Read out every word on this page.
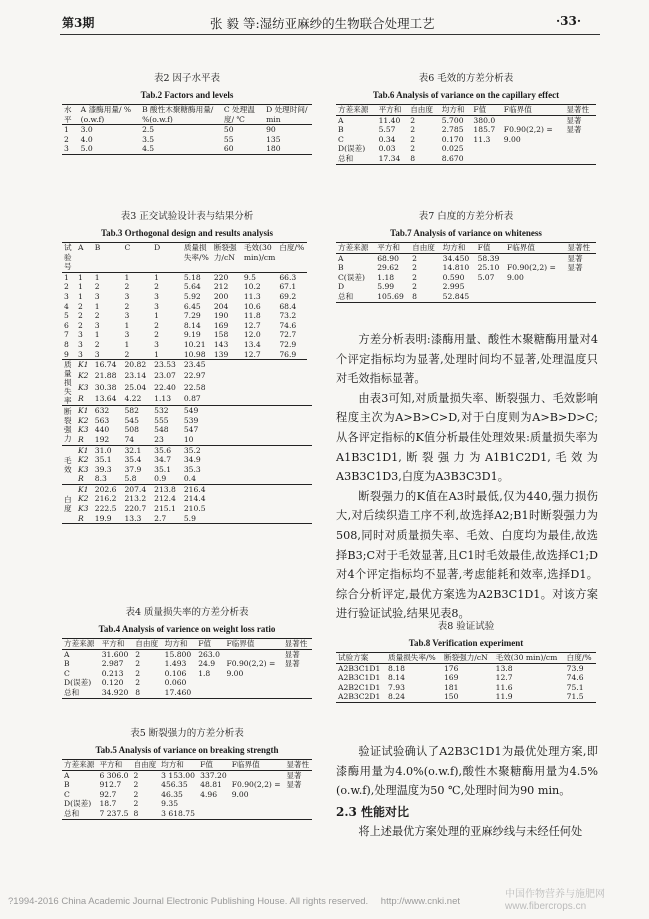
第3期	张 毅 等:湿纺亚麻纱的生物联合处理工艺	·33·
表2 因子水平表
Tab.2 Factors and levels
水平	A 漆酶用量/ %(o.w.f)	B 酸性木聚糖酶用量/ %(o.w.f)	C 处理温度/ ℃	D 处理时间/ min
1	3.0	2.5	50	90
2	4.0	3.5	55	135
3	5.0	4.5	60	180
表3 正交试验设计表与结果分析
Tab.3 Orthogonal design and results analysis
试验号	A	B	C	D	质量损失率/%	断裂强力/cN	毛效(30 min)/cm	白度/%	
1	1	1	1	1	5.18	220	9.5	66.3	
2	1	2	2	2	5.64	212	10.2	67.1	
3	1	3	3	3	5.92	200	11.3	69.2	
4	2	1	2	3	6.45	204	10.6	68.4	
5	2	2	3	1	7.29	190	11.8	73.2	
6	2	3	1	2	8.14	169	12.7	74.6	
7	3	1	3	2	9.19	158	12.0	72.7	
8	3	2	1	3	10.21	143	13.4	72.9	
9	3	3	2	1	10.98	139	12.7	76.9	
质量损失率	K1	16.74	20.82	23.53	23.45				
	K2	21.88	23.14	23.07	22.97				
	K3	30.38	25.04	22.40	22.58				
	R	13.64	4.22	1.13	0.87				
断裂强力	K1	632	582	532	549				
	K2	563	545	555	539				
	K3	440	508	548	547				
	R	192	74	23	10				
毛效	K1	31.0	32.1	35.6	35.2				
	K2	35.1	35.4	34.7	34.9				
	K3	39.3	37.9	35.1	35.3				
	R	8.3	5.8	0.9	0.4				
白度	K1	202.6	207.4	213.8	216.4				
	K2	216.2	213.2	212.4	214.4				
	K3	222.5	220.7	215.1	210.5				
	R	19.9	13.3	2.7	5.9				
表4 质量损失率的方差分析表
Tab.4 Analysis of varience on weight loss ratio
方差来源	平方和	自由度	均方和	F值	F临界值	显著性
A	31.600	2	15.800	263.0		显著
B	2.987	2	1.493	24.9	F0.90(2,2) =	显著
C	0.213	2	0.106	1.8	9.00	
D(误差)	0.120	2	0.060			
总和	34.920	8	17.460			
表5 断裂强力的方差分析表
Tab.5 Analysis of variance on breaking strength
方差来源	平方和	自由度	均方和	F值	F临界值	显著性
A	6 306.0	2	3 153.00	337.20		显著
B	912.7	2	456.35	48.81	F0.90(2,2) =	显著
C	92.7	2	46.35	4.96	9.00	
D(误差)	18.7	2	9.35			
总和	7 237.5	8	3 618.75			
表6 毛效的方差分析表
Tab.6 Analysis of variance on the capillary effect
方差来源	平方和	自由度	均方和	F值	F临界值	显著性
A	11.40	2	5.700	380.0		显著
B	5.57	2	2.785	185.7	F0.90(2,2) =	显著
C	0.34	2	0.170	11.3	9.00	
D(误差)	0.03	2	0.025			
总和	17.34	8	8.670			
表7 白度的方差分析表
Tab.7 Analysis of variance on whiteness
方差来源	平方和	自由度	均方和	F值	F临界值	显著性
A	68.90	2	34.450	58.39		显著
B	29.62	2	14.810	25.10	F0.90(2,2) =	显著
C(误差)	1.18	2	0.590	5.07	9.00	
D	5.99	2	2.995			
总和	105.69	8	52.845			

方差分析表明:漆酶用量、酸性木聚糖酶用量对4个评定指标均为显著,处理时间均不显著,处理温度只对毛效指标显著。

由表3可知,对质量损失率、断裂强力、毛效影响程度主次为A>B>C>D,对于白度则为A>B>D>C;从各评定指标的K值分析最佳处理效果:质量损失率为A1B3C1D1,断裂强力为A1B1C2D1,毛效为A3B3C1D3,白度为A3B3C3D1。

断裂强力的K值在A3时最低,仅为440,强力损伤大,对后续织造工序不利,故选择A2;B1时断裂强力为508,同时对质量损失率、毛效、白度均为最佳,故选择B3;C对于毛效显著,且C1时毛效最佳,故选择C1;D对4个评定指标均不显著,考虑能耗和效率,选择D1。综合分析评定,最优方案选为A2B3C1D1。对该方案进行验证试验,结果见表8。

表8 验证试验
Tab.8 Verification experiment
试验方案	质量损失率/%	断裂强力/cN	毛效(30 min)/cm	白度/%
A2B3C1D1	8.18	176	13.8	73.9
A2B3C1D1	8.14	169	12.7	74.6
A2B2C1D1	7.93	181	11.6	75.1
A2B3C2D1	8.24	150	11.9	71.5

验证试验确认了A2B3C1D1为最优处理方案,即漆酶用量为4.0%(o.w.f),酸性木聚糖酶用量为4.5%(o.w.f),处理温度为50 ℃,处理时间为90 min。

2.3 性能对比

将上述最优方案处理的亚麻纱线与未经任何处

?1994-2016 China Academic Journal Electronic Publishing House. All rights reserved. http://www.cnki.net
中国作物营养与施肥网
www.fibercrops.cn
